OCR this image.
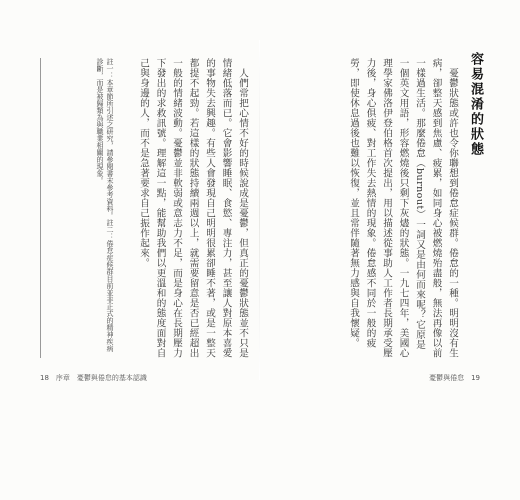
容易混淆的狀態

憂鬱狀態或許也令你聯想到倦怠症候群。倦怠的一種。明明沒有生病，卻整天感到焦慮、疲累，如同身心被燃燒殆盡般，無法再像以前一樣過生活。那麼倦怠（burnout）一詞又是由何而來呢？它原是一個英文用語，形容燃燒後只剩下灰燼的狀態。一九七四年，美國心理學家佛洛伊登伯格首次提出，用以描述從事助人工作者長期承受壓力後，身心俱疲、對工作失去熱情的現象。倦怠感不同於一般的疲勞，即使休息過後也難以恢復，並且常伴隨著無力感與自我懷疑。

人們常把心情不好的時候說成是憂鬱，但真正的憂鬱狀態並不只是情緒低落而已。它會影響睡眠、食慾、專注力，甚至讓人對原本喜愛的事物失去興趣。有些人會發現自己明明很累卻睡不著，或是一整天都提不起勁。若這樣的狀態持續兩週以上，就需要留意是否已經超出一般的情緒波動。憂鬱並非軟弱或意志力不足，而是身心在長期壓力下發出的求救訊號。理解這一點，能幫助我們以更溫和的態度面對自己與身邊的人，而不是急著要求自己振作起來。

註一：本章節所引述之研究，請參閱書末參考資料。註二：倦怠症候群目前並非正式的精神疾病診斷，而是被歸類為與職業相關的現象。
18　序章　憂鬱與倦怠的基本認識	憂鬱與倦怠　19
